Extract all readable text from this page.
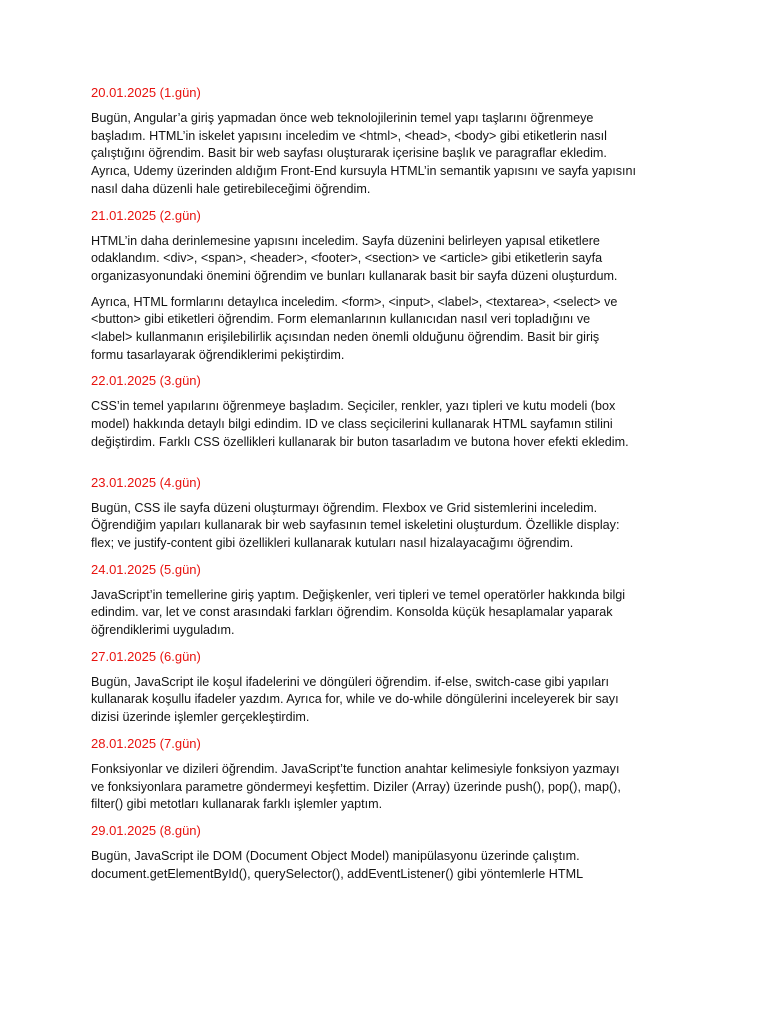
20.01.2025 (1.gün)

Bugün, Angular’a giriş yapmadan önce web teknolojilerinin temel yapı taşlarını öğrenmeye
başladım. HTML’in iskelet yapısını inceledim ve <html>, <head>, <body> gibi etiketlerin nasıl
çalıştığını öğrendim. Basit bir web sayfası oluşturarak içerisine başlık ve paragraflar ekledim.
Ayrıca, Udemy üzerinden aldığım Front-End kursuyla HTML’in semantik yapısını ve sayfa yapısını
nasıl daha düzenli hale getirebileceğimi öğrendim.

21.01.2025 (2.gün)

HTML’in daha derinlemesine yapısını inceledim. Sayfa düzenini belirleyen yapısal etiketlere
odaklandım. <div>, <span>, <header>, <footer>, <section> ve <article> gibi etiketlerin sayfa
organizasyonundaki önemini öğrendim ve bunları kullanarak basit bir sayfa düzeni oluşturdum.

Ayrıca, HTML formlarını detaylıca inceledim. <form>, <input>, <label>, <textarea>, <select> ve
<button> gibi etiketleri öğrendim. Form elemanlarının kullanıcıdan nasıl veri topladığını ve
<label> kullanmanın erişilebilirlik açısından neden önemli olduğunu öğrendim. Basit bir giriş
formu tasarlayarak öğrendiklerimi pekiştirdim.

22.01.2025 (3.gün)

CSS’in temel yapılarını öğrenmeye başladım. Seçiciler, renkler, yazı tipleri ve kutu modeli (box
model) hakkında detaylı bilgi edindim. ID ve class seçicilerini kullanarak HTML sayfamın stilini
değiştirdim. Farklı CSS özellikleri kullanarak bir buton tasarladım ve butona hover efekti ekledim.

23.01.2025 (4.gün)

Bugün, CSS ile sayfa düzeni oluşturmayı öğrendim. Flexbox ve Grid sistemlerini inceledim.
Öğrendiğim yapıları kullanarak bir web sayfasının temel iskeletini oluşturdum. Özellikle display:
flex; ve justify-content gibi özellikleri kullanarak kutuları nasıl hizalayacağımı öğrendim.

24.01.2025 (5.gün)

JavaScript’in temellerine giriş yaptım. Değişkenler, veri tipleri ve temel operatörler hakkında bilgi
edindim. var, let ve const arasındaki farkları öğrendim. Konsolda küçük hesaplamalar yaparak
öğrendiklerimi uyguladım.

27.01.2025 (6.gün)

Bugün, JavaScript ile koşul ifadelerini ve döngüleri öğrendim. if-else, switch-case gibi yapıları
kullanarak koşullu ifadeler yazdım. Ayrıca for, while ve do-while döngülerini inceleyerek bir sayı
dizisi üzerinde işlemler gerçekleştirdim.

28.01.2025 (7.gün)

Fonksiyonlar ve dizileri öğrendim. JavaScript’te function anahtar kelimesiyle fonksiyon yazmayı
ve fonksiyonlara parametre göndermeyi keşfettim. Diziler (Array) üzerinde push(), pop(), map(),
filter() gibi metotları kullanarak farklı işlemler yaptım.

29.01.2025 (8.gün)

Bugün, JavaScript ile DOM (Document Object Model) manipülasyonu üzerinde çalıştım.
document.getElementById(), querySelector(), addEventListener() gibi yöntemlerle HTML
